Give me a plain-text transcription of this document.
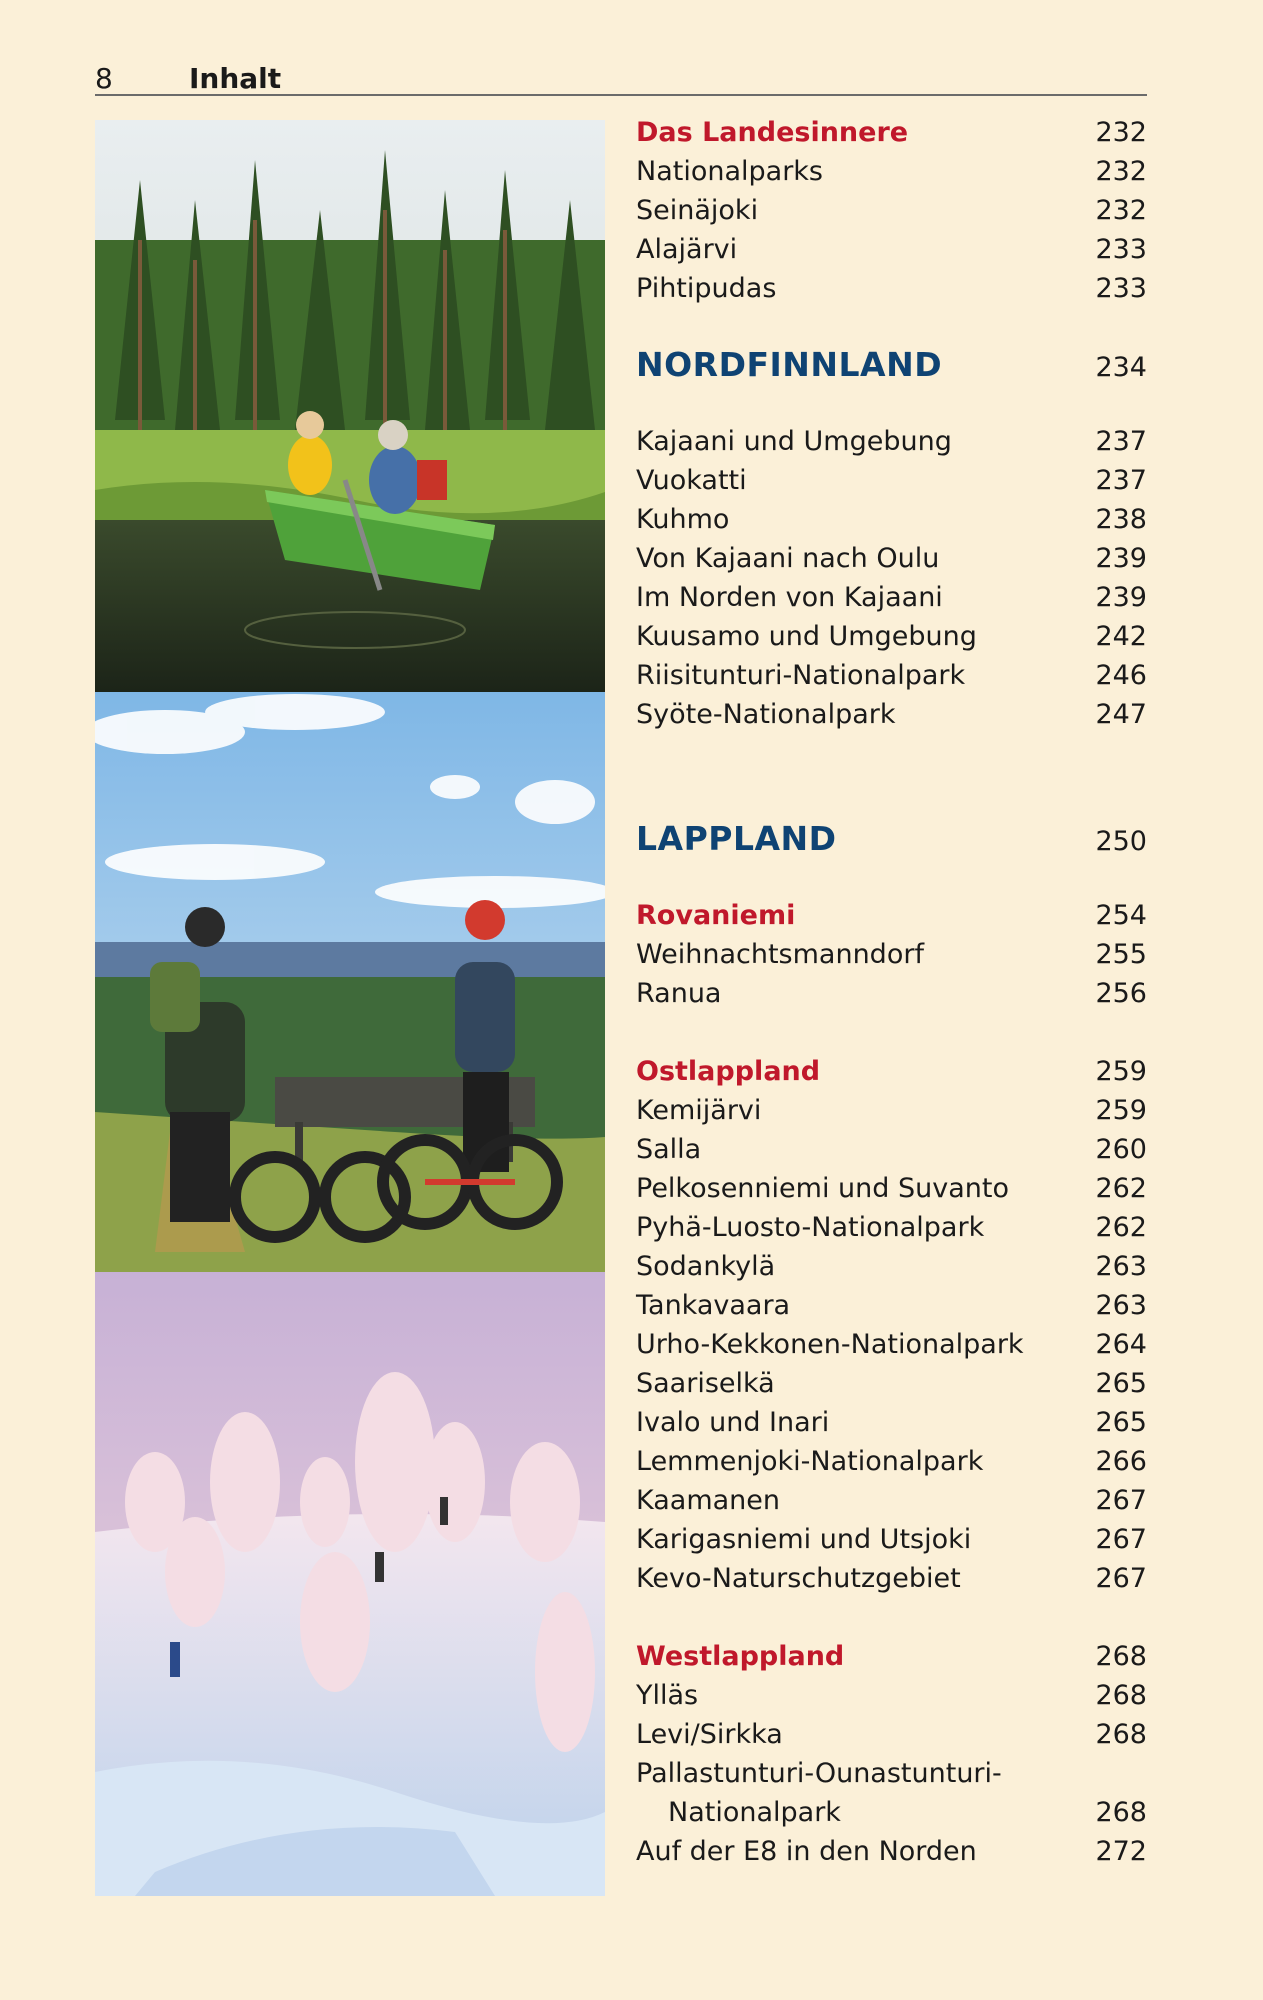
8	Inhalt
Das Landesinnere	232
Nationalparks	232
Seinäjoki	232
Alajärvi	233
Pihtipudas	233
NORDFINNLAND	234
Kajaani und Umgebung	237
Vuokatti	237
Kuhmo	238
Von Kajaani nach Oulu	239
Im Norden von Kajaani	239
Kuusamo und Umgebung	242
Riisitunturi-Nationalpark	246
Syöte-Nationalpark	247
LAPPLAND	250
Rovaniemi	254
Weihnachtsmanndorf	255
Ranua	256
Ostlappland	259
Kemijärvi	259
Salla	260
Pelkosenniemi und Suvanto	262
Pyhä-Luosto-Nationalpark	262
Sodankylä	263
Tankavaara	263
Urho-Kekkonen-Nationalpark	264
Saariselkä	265
Ivalo und Inari	265
Lemmenjoki-Nationalpark	266
Kaamanen	267
Karigasniemi und Utsjoki	267
Kevo-Naturschutzgebiet	267
Westlappland	268
Ylläs	268
Levi/Sirkka	268
Pallastunturi-Ounastunturi-
Nationalpark	268
Auf der E8 in den Norden	272
